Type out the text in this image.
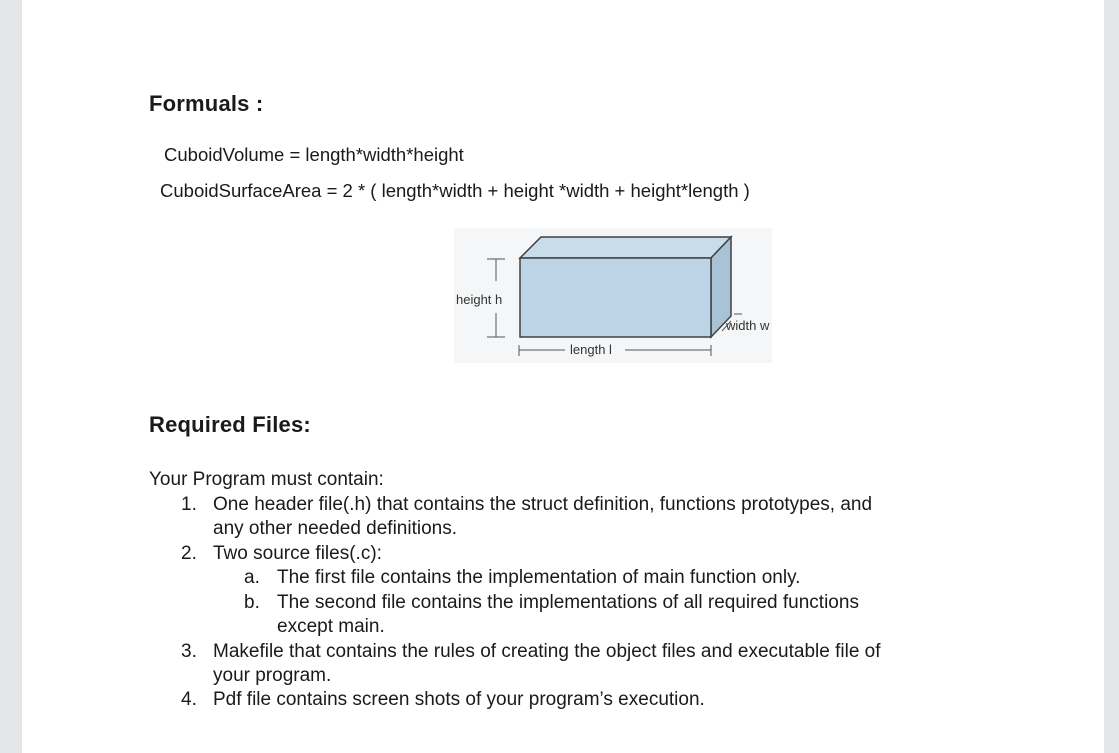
Formuals :
CuboidVolume = length*width*height
CuboidSurfaceArea = 2 * ( length*width + height *width + height*length )
height h
width w
length l
Required Files:
Your Program must contain:
1. One header file(.h) that contains the struct definition, functions prototypes, and
any other needed definitions.
2. Two source files(.c):
a. The first file contains the implementation of main function only.
b. The second file contains the implementations of all required functions
except main.
3. Makefile that contains the rules of creating the object files and executable file of
your program.
4. Pdf file contains screen shots of your program’s execution.
